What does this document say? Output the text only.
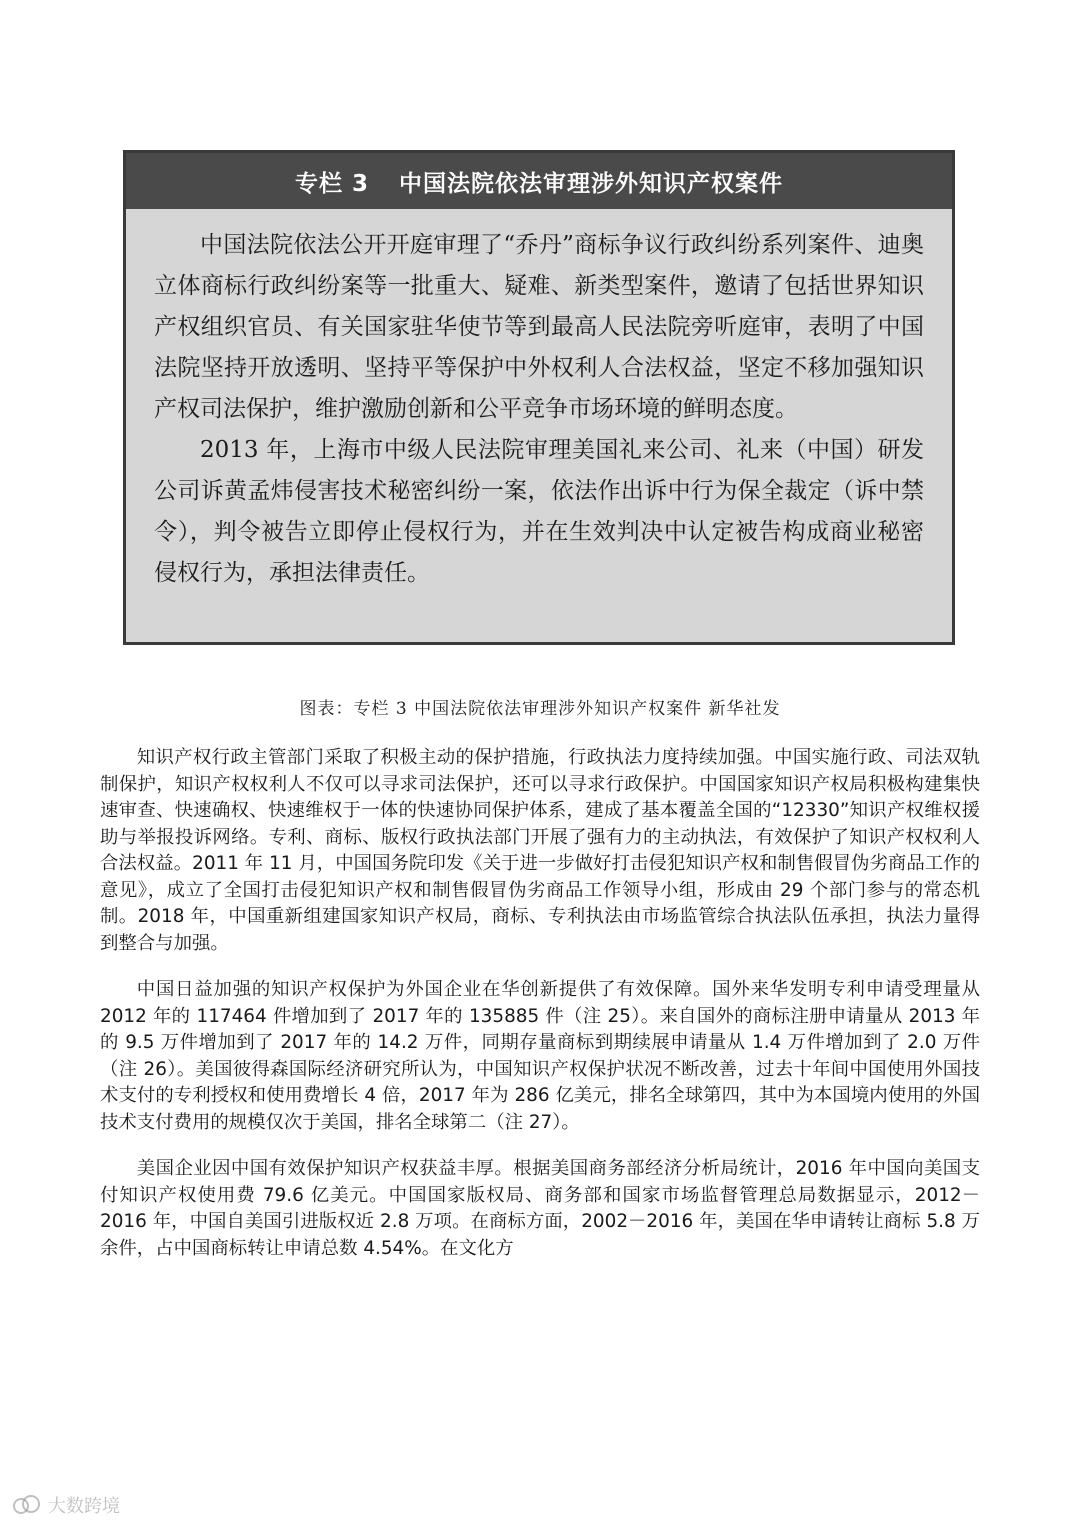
专栏 3 中国法院依法审理涉外知识产权案件

中国法院依法公开开庭审理了“乔丹”商标争议行政纠纷系列案件、迪奥立体商标行政纠纷案等一批重大、疑难、新类型案件，邀请了包括世界知识产权组织官员、有关国家驻华使节等到最高人民法院旁听庭审，表明了中国法院坚持开放透明、坚持平等保护中外权利人合法权益，坚定不移加强知识产权司法保护，维护激励创新和公平竞争市场环境的鲜明态度。

2013 年，上海市中级人民法院审理美国礼来公司、礼来（中国）研发公司诉黄孟炜侵害技术秘密纠纷一案，依法作出诉中行为保全裁定（诉中禁令），判令被告立即停止侵权行为，并在生效判决中认定被告构成商业秘密侵权行为，承担法律责任。

图表：专栏 3 中国法院依法审理涉外知识产权案件 新华社发

知识产权行政主管部门采取了积极主动的保护措施，行政执法力度持续加强。中国实施行政、司法双轨制保护，知识产权权利人不仅可以寻求司法保护，还可以寻求行政保护。中国国家知识产权局积极构建集快速审查、快速确权、快速维权于一体的快速协同保护体系，建成了基本覆盖全国的“12330”知识产权维权援助与举报投诉网络。专利、商标、版权行政执法部门开展了强有力的主动执法，有效保护了知识产权权利人合法权益。2011 年 11 月，中国国务院印发《关于进一步做好打击侵犯知识产权和制售假冒伪劣商品工作的意见》，成立了全国打击侵犯知识产权和制售假冒伪劣商品工作领导小组，形成由 29 个部门参与的常态机制。2018 年，中国重新组建国家知识产权局，商标、专利执法由市场监管综合执法队伍承担，执法力量得到整合与加强。

中国日益加强的知识产权保护为外国企业在华创新提供了有效保障。国外来华发明专利申请受理量从 2012 年的 117464 件增加到了 2017 年的 135885 件（注 25）。来自国外的商标注册申请量从 2013 年的 9.5 万件增加到了 2017 年的 14.2 万件，同期存量商标到期续展申请量从 1.4 万件增加到了 2.0 万件（注 26）。美国彼得森国际经济研究所认为，中国知识产权保护状况不断改善，过去十年间中国使用外国技术支付的专利授权和使用费增长 4 倍，2017 年为 286 亿美元，排名全球第四，其中为本国境内使用的外国技术支付费用的规模仅次于美国，排名全球第二（注 27）。

美国企业因中国有效保护知识产权获益丰厚。根据美国商务部经济分析局统计，2016 年中国向美国支付知识产权使用费 79.6 亿美元。中国国家版权局、商务部和国家市场监督管理总局数据显示，2012－2016 年，中国自美国引进版权近 2.8 万项。在商标方面，2002－2016 年，美国在华申请转让商标 5.8 万余件，占中国商标转让申请总数 4.54%。在文化方

大数跨境
